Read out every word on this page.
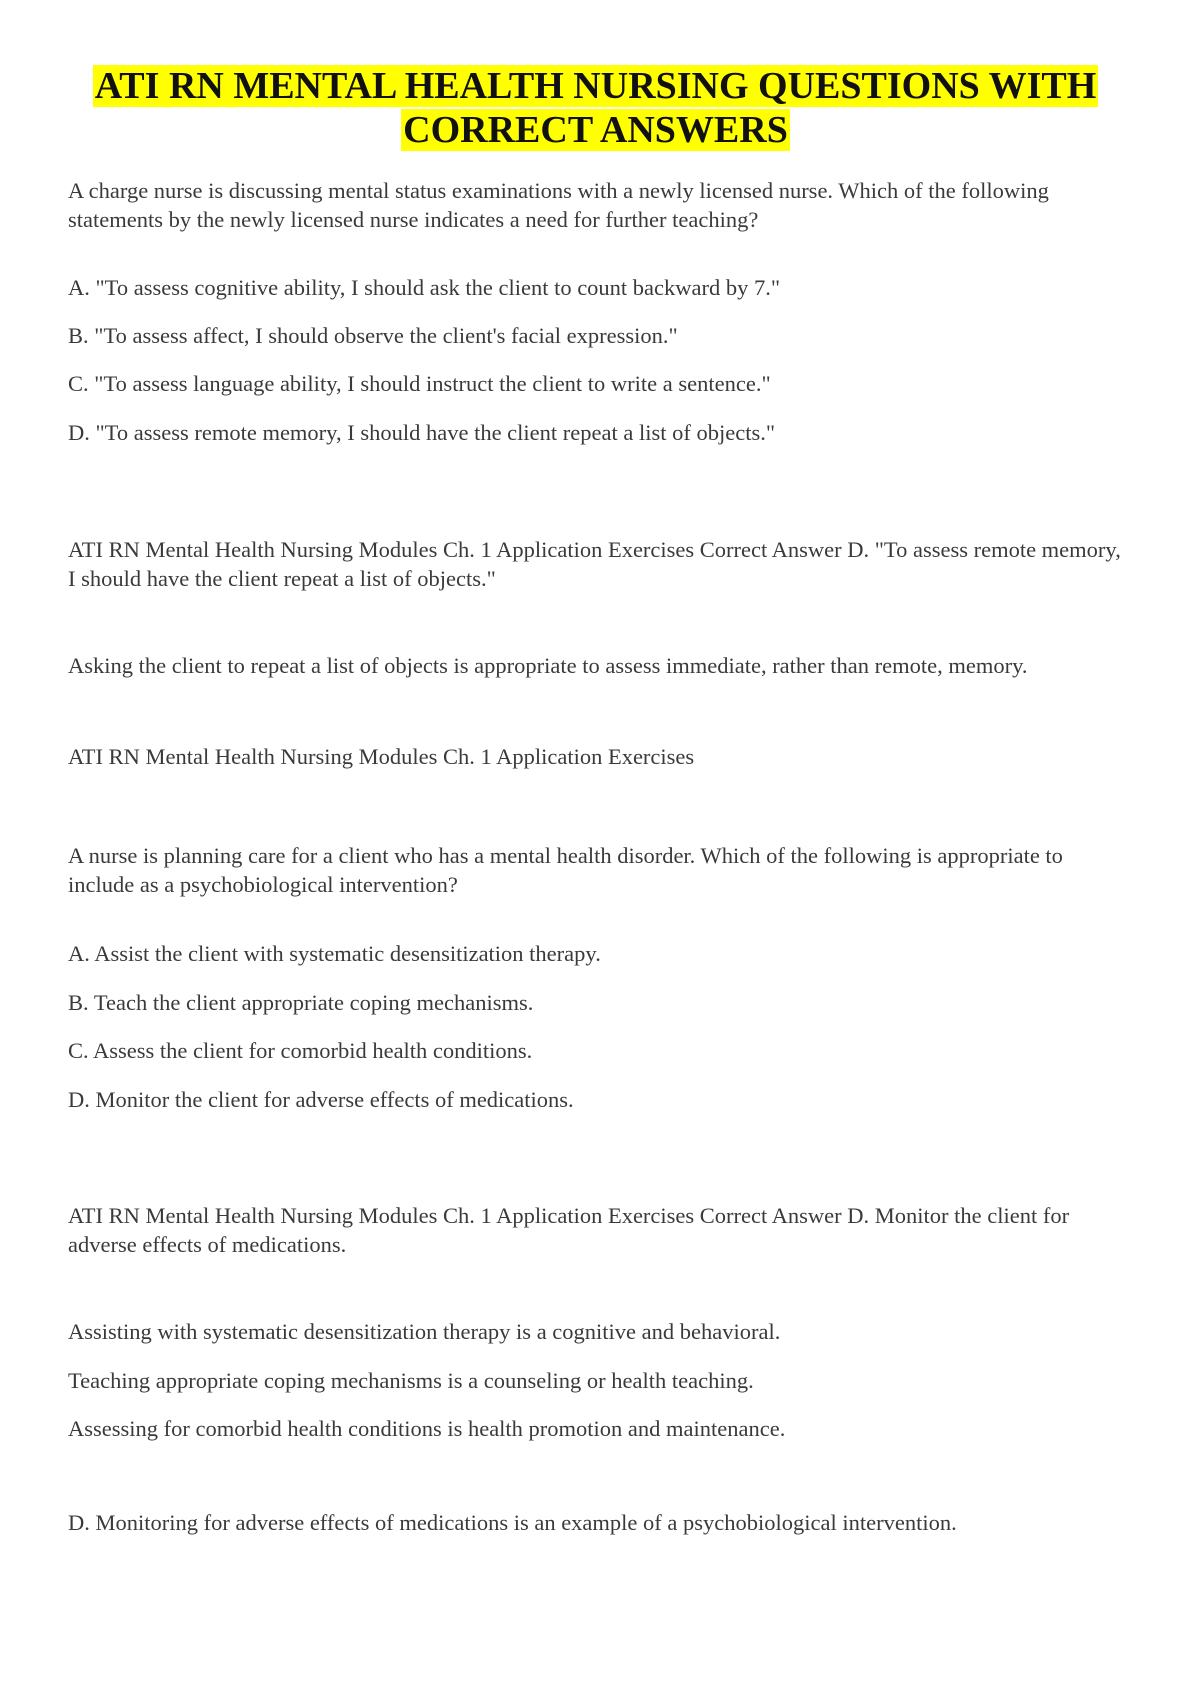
ATI RN MENTAL HEALTH NURSING QUESTIONS WITH
CORRECT ANSWERS

A charge nurse is discussing mental status examinations with a newly licensed nurse. Which of the following statements by the newly licensed nurse indicates a need for further teaching?

A. "To assess cognitive ability, I should ask the client to count backward by 7."

B. "To assess affect, I should observe the client's facial expression."

C. "To assess language ability, I should instruct the client to write a sentence."

D. "To assess remote memory, I should have the client repeat a list of objects."

ATI RN Mental Health Nursing Modules Ch. 1 Application Exercises Correct Answer D. "To assess remote memory, I should have the client repeat a list of objects."

Asking the client to repeat a list of objects is appropriate to assess immediate, rather than remote, memory.

ATI RN Mental Health Nursing Modules Ch. 1 Application Exercises

A nurse is planning care for a client who has a mental health disorder. Which of the following is appropriate to include as a psychobiological intervention?

A. Assist the client with systematic desensitization therapy.

B. Teach the client appropriate coping mechanisms.

C. Assess the client for comorbid health conditions.

D. Monitor the client for adverse effects of medications.

ATI RN Mental Health Nursing Modules Ch. 1 Application Exercises Correct Answer D. Monitor the client for adverse effects of medications.

Assisting with systematic desensitization therapy is a cognitive and behavioral.

Teaching appropriate coping mechanisms is a counseling or health teaching.

Assessing for comorbid health conditions is health promotion and maintenance.

D. Monitoring for adverse effects of medications is an example of a psychobiological intervention.
